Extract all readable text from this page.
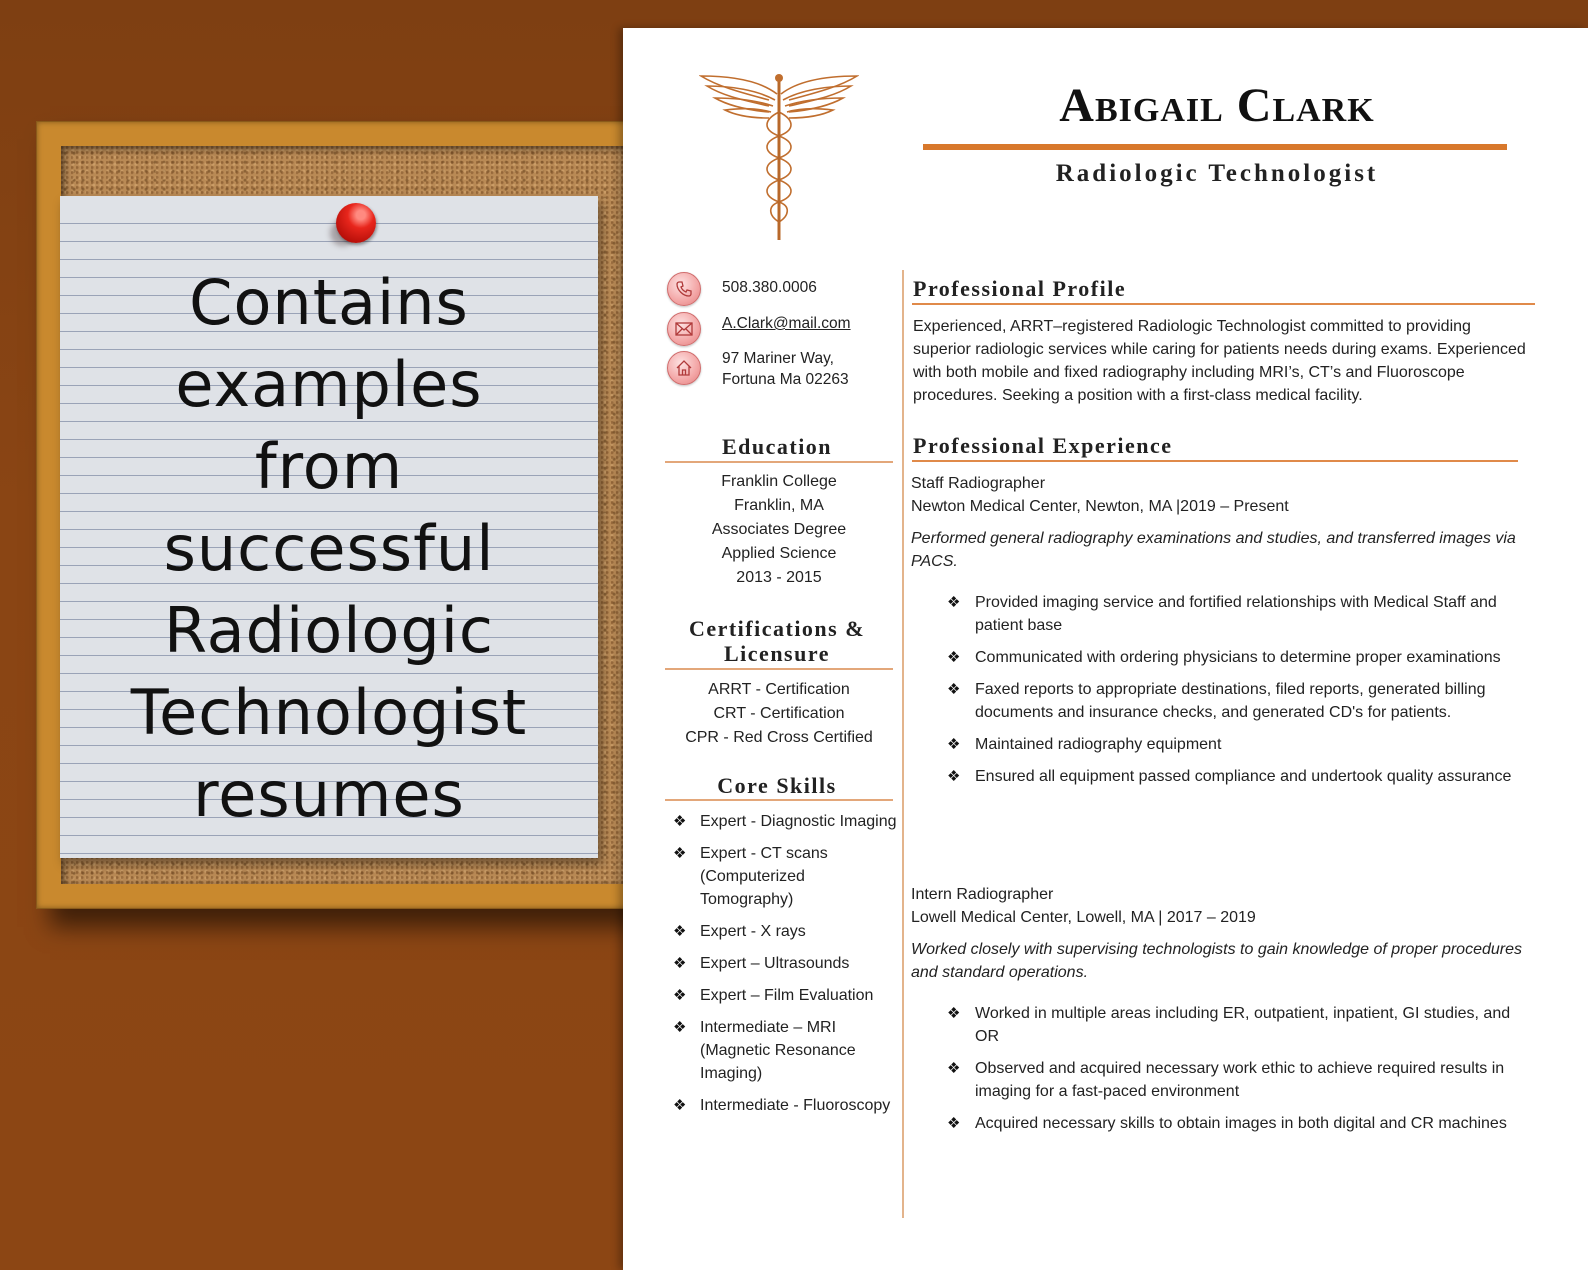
Contains
examples
from
successful
Radiologic
Technologist
resumes
Abigail Clark
Radiologic Technologist
508.380.0006
A.Clark@mail.com
97 Mariner Way,
Fortuna Ma 02263
Education
Franklin College
Franklin, MA
Associates Degree
Applied Science
2013 - 2015
Certifications &
Licensure
ARRT - Certification
CRT - Certification
CPR - Red Cross Certified
Core Skills
❖ Expert - Diagnostic Imaging
❖ Expert - CT scans (Computerized Tomography)
❖ Expert - X rays
❖ Expert – Ultrasounds
❖ Expert – Film Evaluation
❖ Intermediate – MRI (Magnetic Resonance Imaging)
❖ Intermediate - Fluoroscopy
Professional Profile
Experienced, ARRT–registered Radiologic Technologist committed to providing superior radiologic services while caring for patients needs during exams. Experienced with both mobile and fixed radiography including MRI’s, CT’s and Fluoroscope procedures. Seeking a position with a first-class medical facility.
Professional Experience
Staff Radiographer
Newton Medical Center, Newton, MA |2019 – Present
Performed general radiography examinations and studies, and transferred images via PACS.
❖ Provided imaging service and fortified relationships with Medical Staff and patient base
❖ Communicated with ordering physicians to determine proper examinations
❖ Faxed reports to appropriate destinations, filed reports, generated billing documents and insurance checks, and generated CD's for patients.
❖ Maintained radiography equipment
❖ Ensured all equipment passed compliance and undertook quality assurance
Intern Radiographer
Lowell Medical Center, Lowell, MA | 2017 – 2019
Worked closely with supervising technologists to gain knowledge of proper procedures and standard operations.
❖ Worked in multiple areas including ER, outpatient, inpatient, GI studies, and OR
❖ Observed and acquired necessary work ethic to achieve required results in imaging for a fast-paced environment
❖ Acquired necessary skills to obtain images in both digital and CR machines
